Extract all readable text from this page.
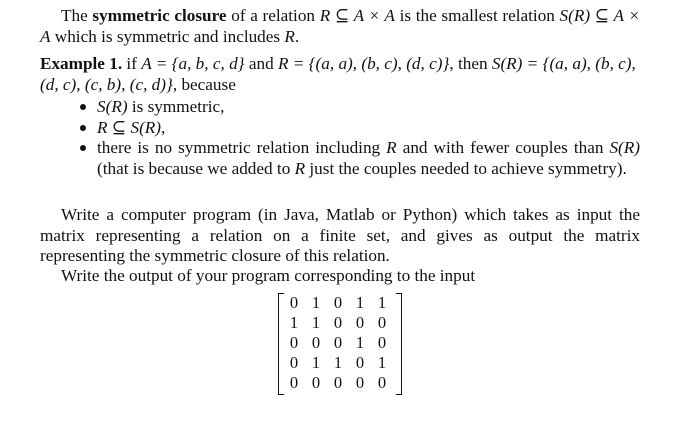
The symmetric closure of a relation R ⊆ A × A is the smallest relation S(R) ⊆ A × A which is symmetric and includes R.

Example 1. if A = {a, b, c, d} and R = {(a, a), (b, c), (d, c)}, then S(R) = {(a, a), (b, c), (d, c), (c, b), (c, d)}, because

S(R) is symmetric,
R ⊆ S(R),
there is no symmetric relation including R and with fewer couples than S(R) (that is because we added to R just the couples needed to achieve symmetry).

Write a computer program (in Java, Matlab or Python) which takes as input the matrix representing a relation on a finite set, and gives as output the matrix representing the symmetric closure of this relation.

Write the output of your program corresponding to the input

0	1	0	1	1
1	1	0	0	0
0	0	0	1	0
0	1	1	0	1
0	0	0	0	0
